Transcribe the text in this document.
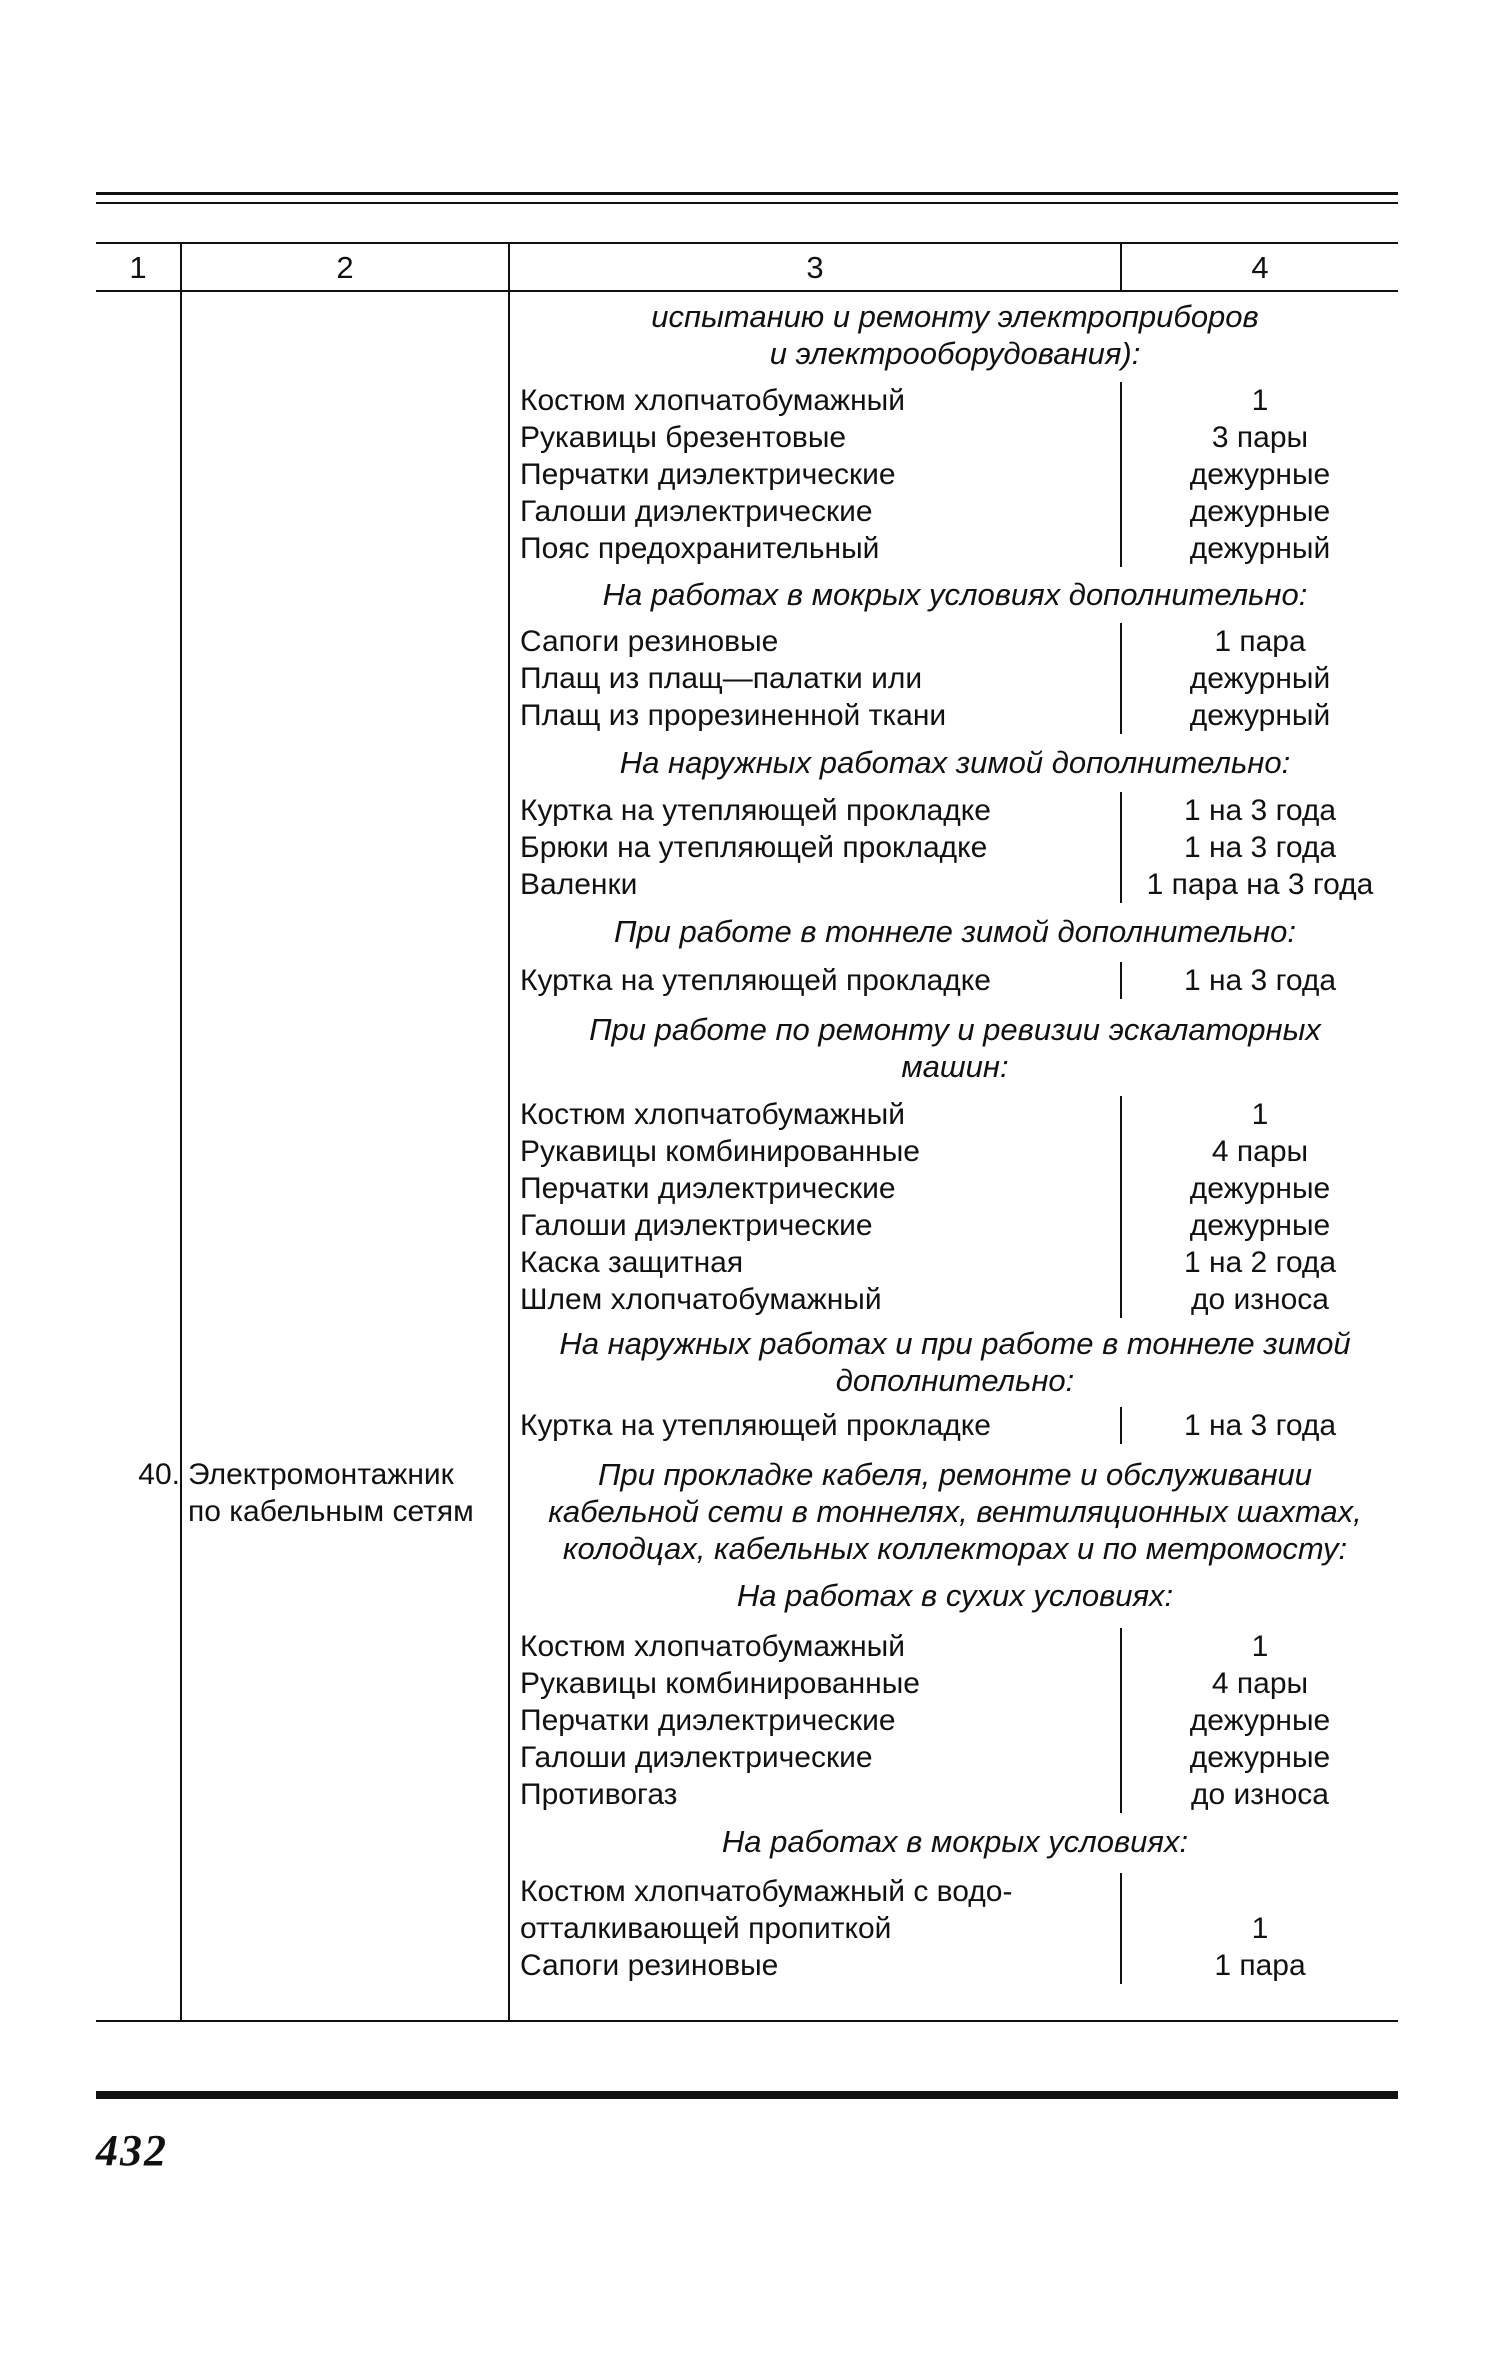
1	2	3	4
испытанию и ремонту электроприборов
и электрооборудования):
Костюм хлопчатобумажный	1
Рукавицы брезентовые	3 пары
Перчатки диэлектрические	дежурные
Галоши диэлектрические	дежурные
Пояс предохранительный	дежурный
На работах в мокрых условиях дополнительно:
Сапоги резиновые	1 пара
Плащ из плащ—палатки или	дежурный
Плащ из прорезиненной ткани	дежурный
На наружных работах зимой дополнительно:
Куртка на утепляющей прокладке	1 на 3 года
Брюки на утепляющей прокладке	1 на 3 года
Валенки	1 пара на 3 года
При работе в тоннеле зимой дополнительно:
Куртка на утепляющей прокладке	1 на 3 года
При работе по ремонту и ревизии эскалаторных
машин:
Костюм хлопчатобумажный	1
Рукавицы комбинированные	4 пары
Перчатки диэлектрические	дежурные
Галоши диэлектрические	дежурные
Каска защитная	1 на 2 года
Шлем хлопчатобумажный	до износа
На наружных работах и при работе в тоннеле зимой
дополнительно:
Куртка на утепляющей прокладке	1 на 3 года
40. Электромонтажник
по кабельным сетям
При прокладке кабеля, ремонте и обслуживании
кабельной сети в тоннелях, вентиляционных шахтах,
колодцах, кабельных коллекторах и по метромосту:
На работах в сухих условиях:
Костюм хлопчатобумажный	1
Рукавицы комбинированные	4 пары
Перчатки диэлектрические	дежурные
Галоши диэлектрические	дежурные
Противогаз	до износа
На работах в мокрых условиях:
Костюм хлопчатобумажный с водо-
отталкивающей пропиткой	1
Сапоги резиновые	1 пара
432
